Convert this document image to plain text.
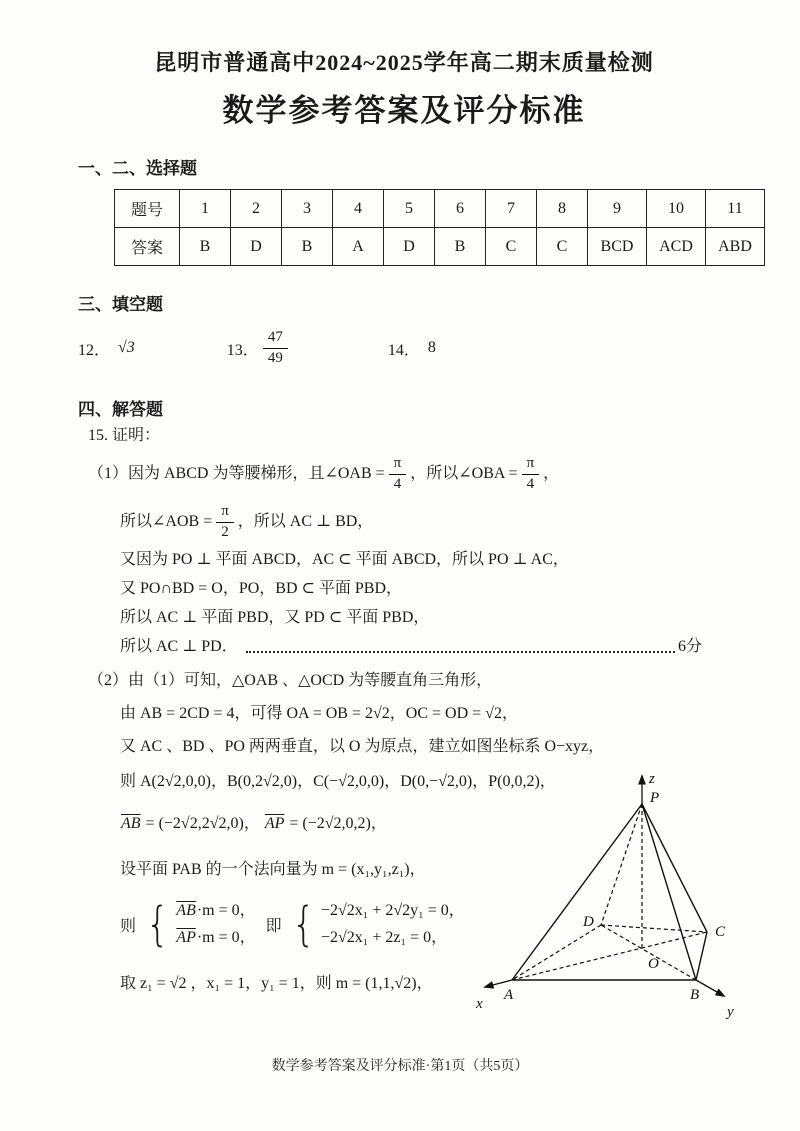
昆明市普通高中2024~2025学年高二期末质量检测
数学参考答案及评分标准
一、二、选择题
题号	1	2	3	4	5	6	7	8	9	10	11
答案	B	D	B	A	D	B	C	C	BCD	ACD	ABD
三、填空题
12． √3	13． $\frac{47}{49}$	14． 8
四、解答题
15. 证明：
（1）因为 ABCD 为等腰梯形，且∠OAB = $\frac{\pi}{4}$ ，所以∠OBA = $\frac{\pi}{4}$ ，
所以∠AOB = $\frac{\pi}{2}$ ，所以 AC ⊥ BD，
又因为 PO ⊥ 平面 ABCD，AC ⊂ 平面 ABCD，所以 PO ⊥ AC，
又 PO∩BD = O，PO，BD ⊂ 平面 PBD，
所以 AC ⊥ 平面 PBD，又 PD ⊂ 平面 PBD，
所以 AC ⊥ PD．	6分
（2）由（1）可知，△OAB 、△OCD 为等腰直角三角形，
由 AB = 2CD = 4，可得 OA = OB = 2√2，OC = OD = √2，
又 AC 、BD 、PO 两两垂直，以 O 为原点，建立如图坐标系 O−xyz，
则 A(2√2,0,0)，B(0,2√2,0)，C(−√2,0,0)，D(0,−√2,0)，P(0,0,2)，
$\overline{AB} = (-2√2,2√2,0)$， $\overline{AP} = (-2√2,0,2)$，
设平面 PAB 的一个法向量为 m = (x₁,y₁,z₁)，
则 { $\overline{AB}\cdot m = 0$，
$\overline{AP}\cdot m = 0$，
即 { −2√2x₁ + 2√2y₁ = 0，
−2√2x₁ + 2z₁ = 0，
取 z₁ = √2 ，x₁ = 1，y₁ = 1，则 m = (1,1,√2)，
z
P
D
C
O
A	B
x	y
数学参考答案及评分标准·第1页（共5页）
